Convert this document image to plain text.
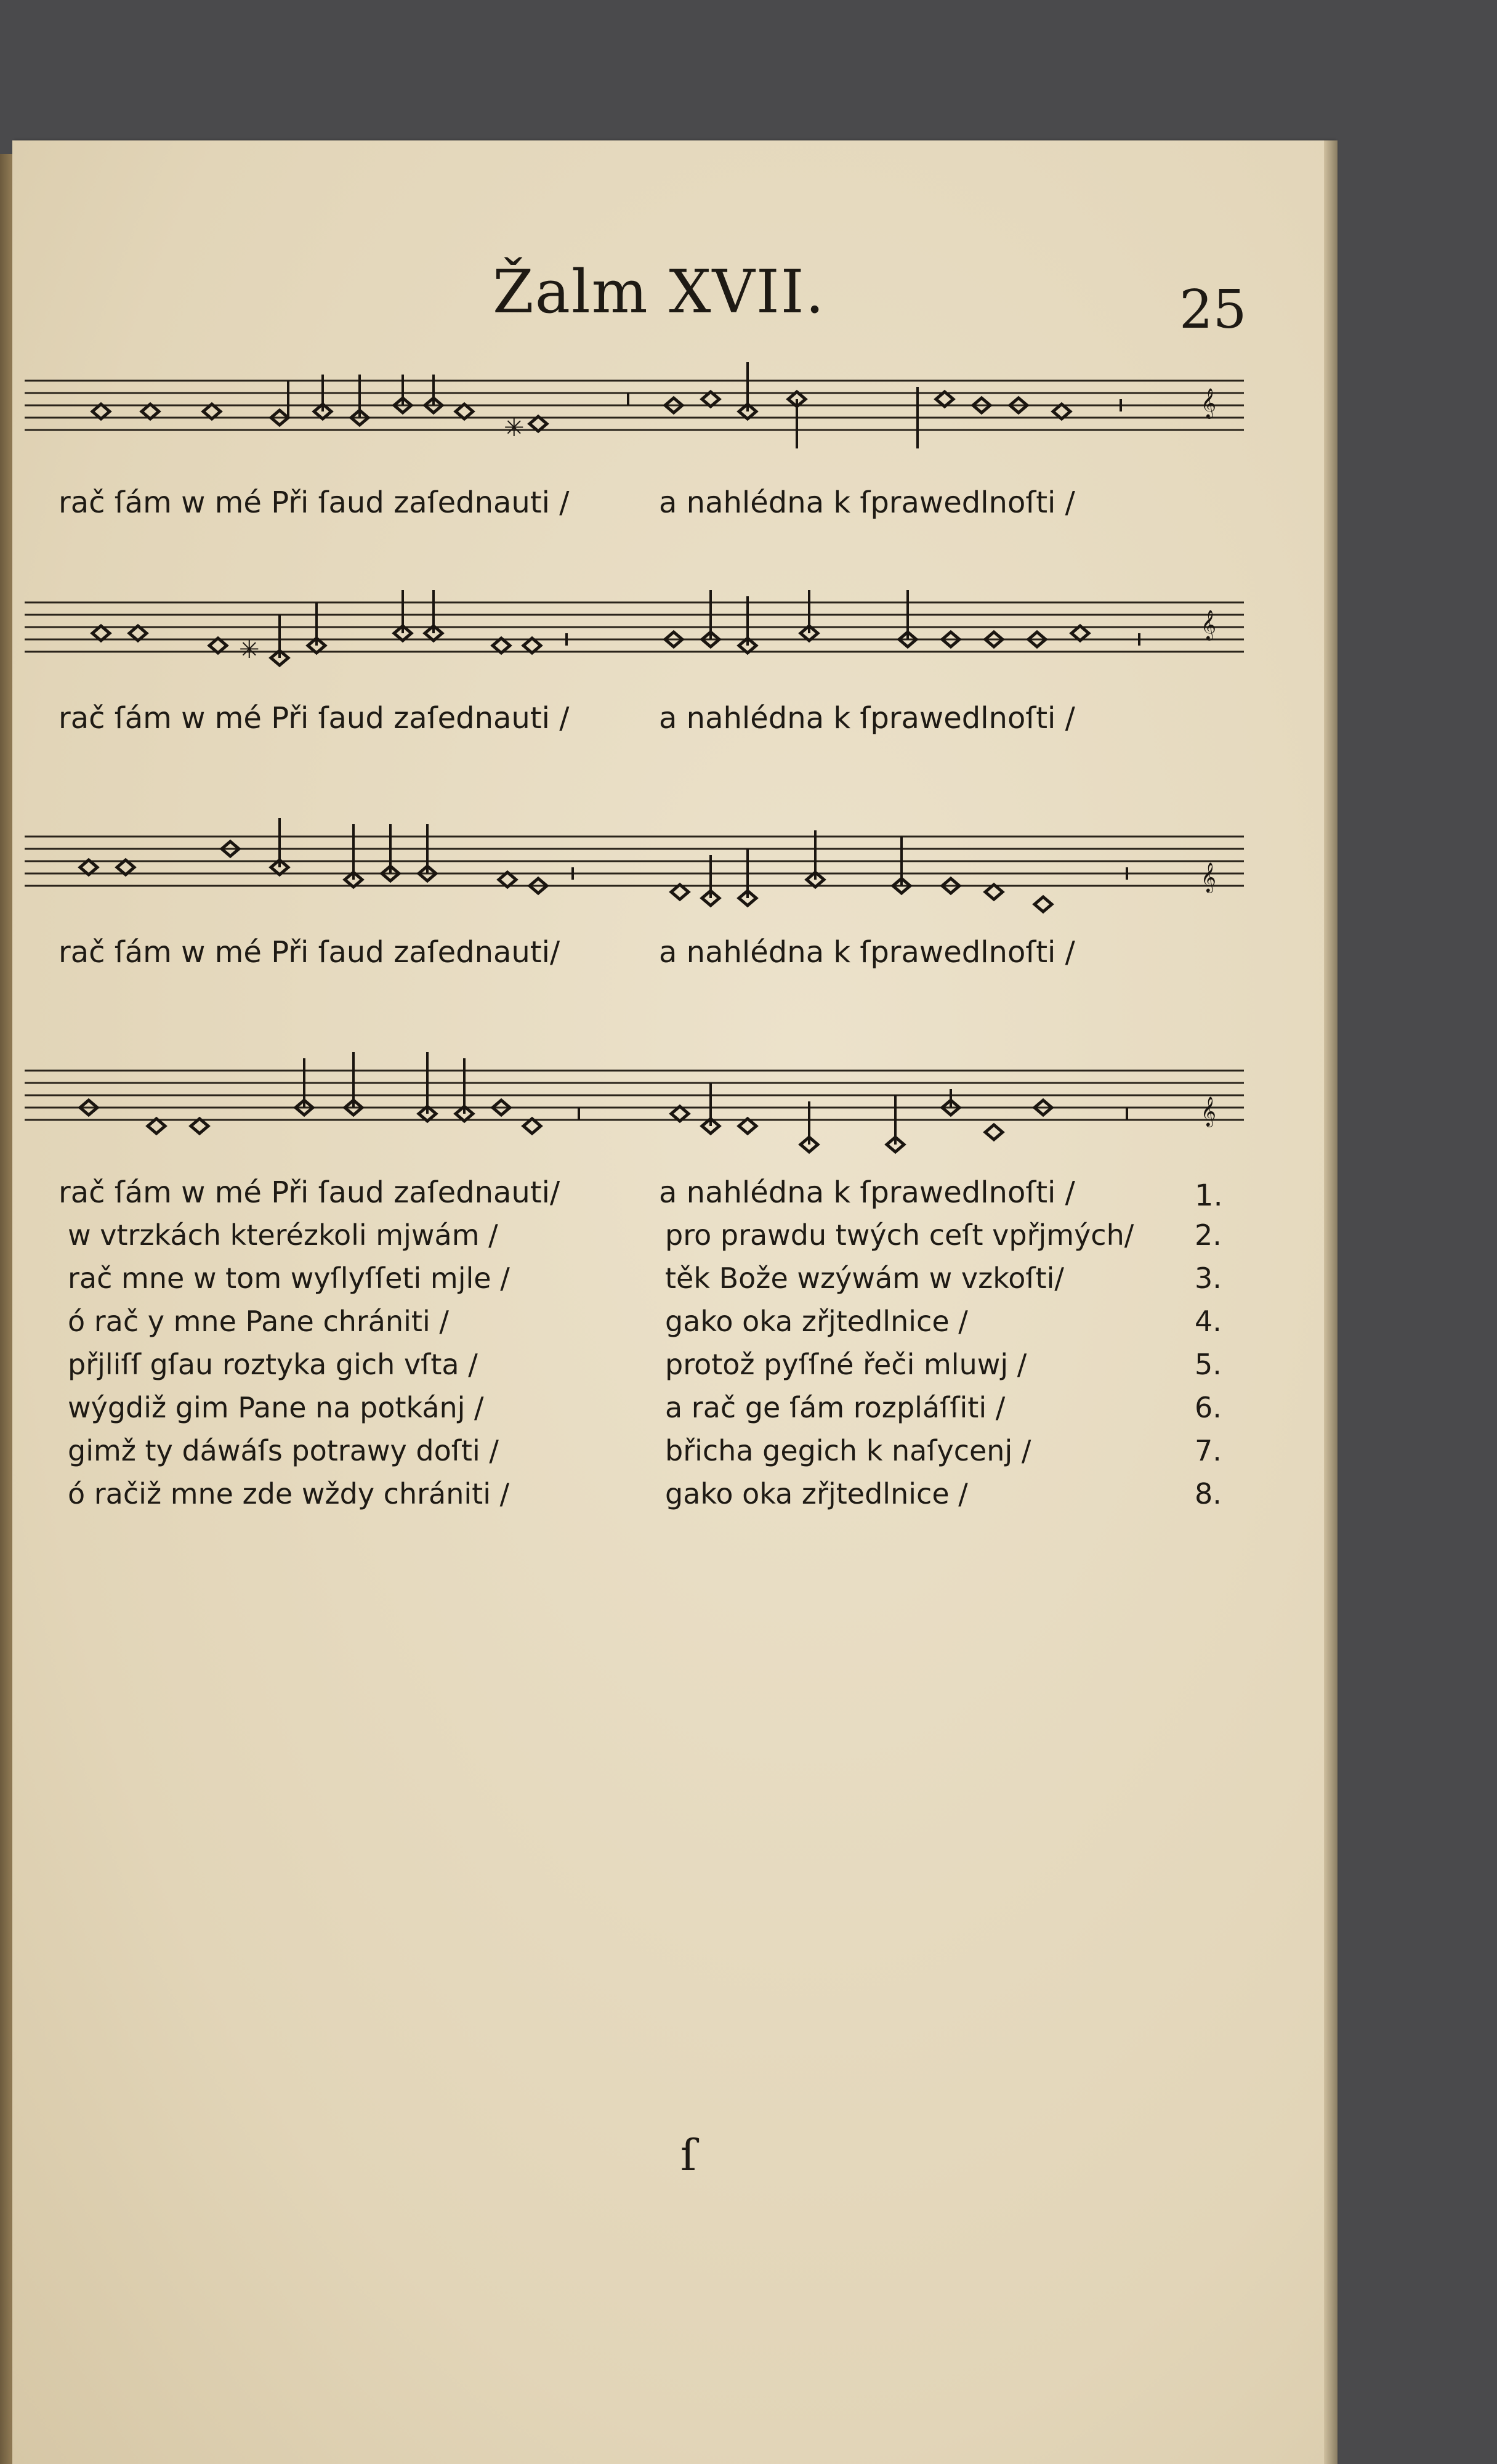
Žalm XVII.	25
✳
𝄞
rač ſám w mé Při ſaud zaſednauti /	a nahlédna k ſprawedlnoſti /
✳
𝄞
rač ſám w mé Při ſaud zaſednauti /	a nahlédna k ſprawedlnoſti /
𝄞
rač ſám w mé Při ſaud zaſednauti/	a nahlédna k ſprawedlnoſti /
𝄞
rač ſám w mé Při ſaud zaſednauti/	a nahlédna k ſprawedlnoſti /	1.
w vtrzkách kterézkoli mjwám /	pro prawdu twých ceſt vpřjmých/ 2.
rač mne w tom wyſlyſſeti mjle /	těk Bože wzýwám w vzkoſti/	3.
ó rač y mne Pane chrániti /	gako oka zřjtedlnice /	4.
přjliſſ gſau roztyka gich vſta /	protož pyſſné řeči mluwj /	5.
wýgdiž gim Pane na potkánj /	a rač ge ſám rozpláſſiti /	6.
gimž ty dáwáſs potrawy doſti /	břicha gegich k naſycenj /	7.
ó račiž mne zde wždy chrániti /	gako oka zřjtedlnice /	8.
ſ
